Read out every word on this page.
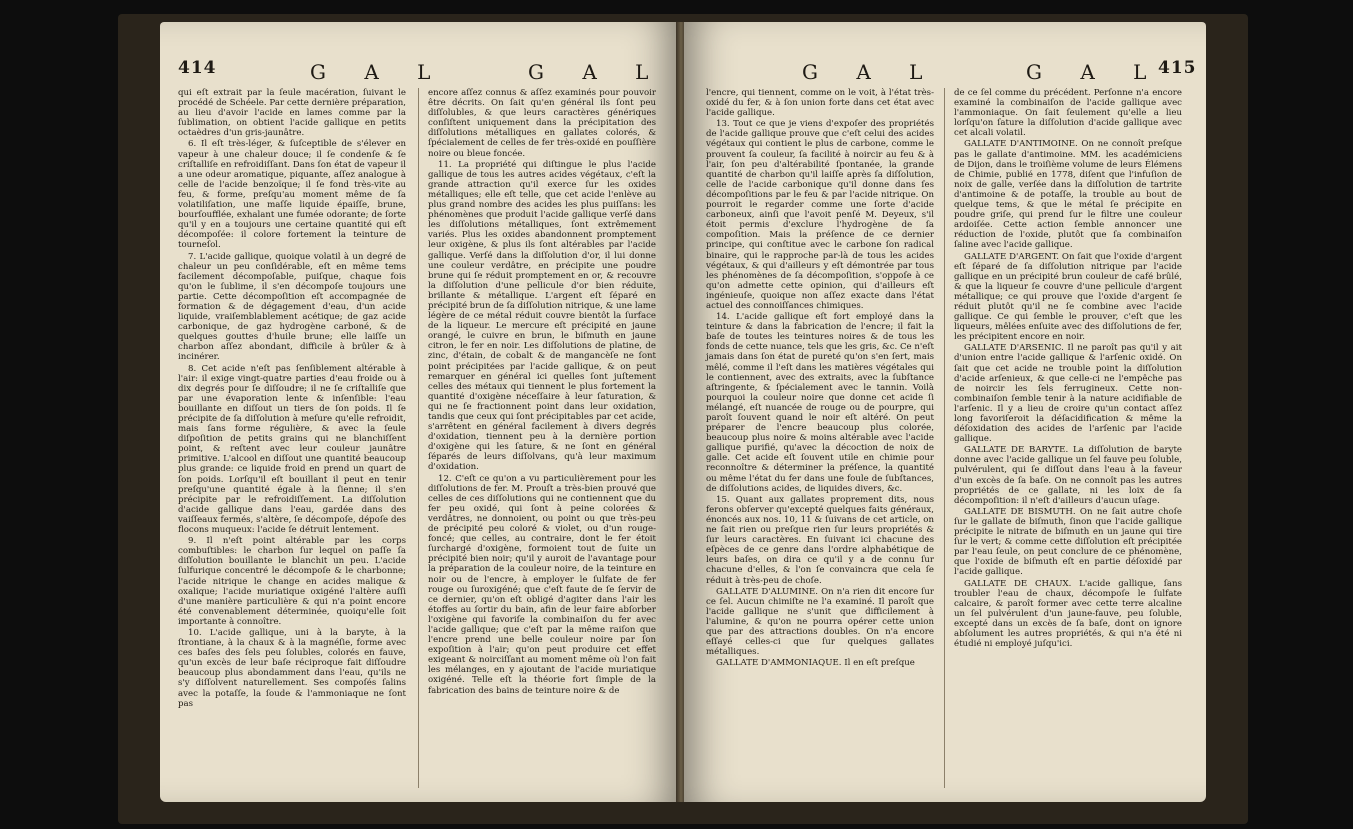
414	G A L	G A L

qui eſt extrait par la ſeule macération, ſuivant le procédé de Schéele. Par cette dernière préparation, au lieu d'avoir l'acide en lames comme par la ſublimation, on obtient l'acide gallique en petits octaèdres d'un gris-jaunâtre.

6. Il eſt très-léger, & ſuſceptible de s'élever en vapeur à une chaleur douce; il ſe condenſe & ſe criſtalliſe en refroidiſſant. Dans ſon état de vapeur il a une odeur aromatique, piquante, aſſez analogue à celle de l'acide benzoïque; il ſe fond très-vite au feu, & forme, preſqu'au moment même de ſa volatiliſation, une maſſe liquide épaiſſe, brune, bourſoufflée, exhalant une fumée odorante; de ſorte qu'il y en a toujours une certaine quantité qui eſt décompoſée: il colore fortement la teinture de tourneſol.

7. L'acide gallique, quoique volatil à un degré de chaleur un peu conſidérable, eſt en même tems facilement décompoſable, puiſque, chaque fois qu'on le ſublime, il s'en décompoſe toujours une partie. Cette décompoſition eſt accompagnée de formation & de dégagement d'eau, d'un acide liquide, vraiſemblablement acétique; de gaz acide carbonique, de gaz hydrogène carboné, & de quelques gouttes d'huile brune; elle laiſſe un charbon aſſez abondant, difficile à brûler & à incinérer.

8. Cet acide n'eſt pas ſenſiblement altérable à l'air: il exige vingt-quatre parties d'eau froide ou à dix degrés pour ſe diſſoudre; il ne ſe criſtalliſe que par une évaporation lente & inſenſible: l'eau bouillante en diſſout un tiers de ſon poids. Il ſe précipite de ſa diſſolution à meſure qu'elle refroidit, mais ſans forme régulière, & avec la ſeule diſpoſition de petits grains qui ne blanchiſſent point, & reſtent avec leur couleur jaunâtre primitive. L'alcool en diſſout une quantité beaucoup plus grande: ce liquide froid en prend un quart de ſon poids. Lorſqu'il eſt bouillant il peut en tenir preſqu'une quantité égale à la ſienne; il s'en précipite par le refroidiſſement. La diſſolution d'acide gallique dans l'eau, gardée dans des vaiſſeaux fermés, s'altère, ſe décompoſe, dépoſe des flocons muqueux: l'acide ſe détruit lentement.

9. Il n'eſt point altérable par les corps combuſtibles: le charbon ſur lequel on paſſe ſa diſſolution bouillante le blanchit un peu. L'acide ſulfurique concentré le décompoſe & le charbonne; l'acide nitrique le change en acides malique & oxalique; l'acide muriatique oxigéné l'altère auſſi d'une manière particulière & qui n'a point encore été convenablement déterminée, quoiqu'elle ſoit importante à connoître.

10. L'acide gallique, uni à la baryte, à la ſtrontiane, à la chaux & à la magnéſie, forme avec ces baſes des ſels peu ſolubles, colorés en fauve, qu'un excès de leur baſe réciproque fait diſſoudre beaucoup plus abondamment dans l'eau, qu'ils ne s'y diſſolvent naturellement. Ses compoſés ſalins avec la potaſſe, la ſoude & l'ammoniaque ne ſont pas

encore aſſez connus & aſſez examinés pour pouvoir être décrits. On ſait qu'en général ils ſont peu diſſolubles, & que leurs caractères génériques conſiſtent uniquement dans la précipitation des diſſolutions métalliques en gallates colorés, & ſpécialement de celles de fer très-oxidé en pouſſière noire ou bleue foncée.

11. La propriété qui diſtingue le plus l'acide gallique de tous les autres acides végétaux, c'eſt la grande attraction qu'il exerce ſur les oxides métalliques; elle eſt telle, que cet acide l'enlève au plus grand nombre des acides les plus puiſſans: les phénomènes que produit l'acide gallique verſé dans les diſſolutions métalliques, ſont extrêmement variés. Plus les oxides abandonnent promptement leur oxigène, & plus ils ſont altérables par l'acide gallique. Verſé dans la diſſolution d'or, il lui donne une couleur verdâtre, en précipite une poudre brune qui ſe réduit promptement en or, & recouvre la diſſolution d'une pellicule d'or bien réduite, brillante & métallique. L'argent eſt ſéparé en précipité brun de ſa diſſolution nitrique, & une lame légère de ce métal réduit couvre bientôt la ſurface de la liqueur. Le mercure eſt précipité en jaune orangé, le cuivre en brun, le biſmuth en jaune citron, le fer en noir. Les diſſolutions de platine, de zinc, d'étain, de cobalt & de mangancèſe ne ſont point précipitées par l'acide gallique, & on peut remarquer en général ici quelles ſont juſtement celles des métaux qui tiennent le plus fortement la quantité d'oxigène néceſſaire à leur ſaturation, & qui ne ſe fractionnent point dans leur oxidation, tandis que ceux qui ſont précipitables par cet acide, s'arrêtent en général facilement à divers degrés d'oxidation, tiennent peu à la dernière portion d'oxigène qui les ſature, & ne ſont en général ſéparés de leurs diſſolvans, qu'à leur maximum d'oxidation.

12. C'eſt ce qu'on a vu particulièrement pour les diſſolutions de fer. M. Prouſt a très-bien prouvé que celles de ces diſſolutions qui ne contiennent que du fer peu oxidé, qui ſont à peine colorées & verdâtres, ne donnoient, ou point ou que très-peu de précipité peu coloré & violet, ou d'un rouge-foncé; que celles, au contraire, dont le fer étoit ſurchargé d'oxigène, formoient tout de ſuite un précipité bien noir; qu'il y auroit de l'avantage pour la préparation de la couleur noire, de la teinture en noir ou de l'encre, à employer le ſulfate de fer rouge ou ſuroxigéné; que c'eſt faute de ſe ſervir de ce dernier, qu'on eſt obligé d'agiter dans l'air les étoffes au ſortir du bain, afin de leur faire abſorber l'oxigène qui favoriſe la combinaiſon du fer avec l'acide gallique; que c'eſt par la même raiſon que l'encre prend une belle couleur noire par ſon expoſition à l'air; qu'on peut produire cet effet exigeant & noirciſſant au moment même où l'on fait les mélanges, en y ajoutant de l'acide muriatique oxigéné. Telle eſt la théorie fort ſimple de la fabrication des bains de teinture noire & de

G A L	G A L
415

l'encre, qui tiennent, comme on le voit, à l'état très-oxidé du fer, & à ſon union forte dans cet état avec l'acide gallique.

13. Tout ce que je viens d'expoſer des propriétés de l'acide gallique prouve que c'eſt celui des acides végétaux qui contient le plus de carbone, comme le prouvent ſa couleur, ſa facilité à noircir au feu & à l'air, ſon peu d'altérabilité ſpontanée, la grande quantité de charbon qu'il laiſſe après ſa diſſolution, celle de l'acide carbonique qu'il donne dans ſes décompoſitions par le feu & par l'acide nitrique. On pourroit le regarder comme une ſorte d'acide carboneux, ainſi que l'avoit penſé M. Deyeux, s'il étoit permis d'exclure l'hydrogène de ſa compoſition. Mais la préſence de ce dernier principe, qui conſtitue avec le carbone ſon radical binaire, qui le rapproche par-là de tous les acides végétaux, & qui d'ailleurs y eſt démontrée par tous les phénomènes de ſa décompoſition, s'oppoſe à ce qu'on admette cette opinion, qui d'ailleurs eſt ingénieuſe, quoique non aſſez exacte dans l'état actuel des connoiſſances chimiques.

14. L'acide gallique eſt fort employé dans la teinture & dans la fabrication de l'encre; il fait la baſe de toutes les teintures noires & de tous les fonds de cette nuance, tels que les gris, &c. Ce n'eſt jamais dans ſon état de pureté qu'on s'en ſert, mais mêlé, comme il l'eſt dans les matières végétales qui le contiennent, avec des extraits, avec la ſubſtance aſtringente, & ſpécialement avec le tannin. Voilà pourquoi la couleur noire que donne cet acide ſi mélangé, eſt nuancée de rouge ou de pourpre, qui paroît ſouvent quand le noir eſt altéré. On peut préparer de l'encre beaucoup plus colorée, beaucoup plus noire & moins altérable avec l'acide gallique purifié, qu'avec la décoction de noix de galle. Cet acide eſt ſouvent utile en chimie pour reconnoître & déterminer la préſence, la quantité ou même l'état du fer dans une foule de ſubſtances, de diſſolutions acides, de liquides divers, &c.

15. Quant aux gallates proprement dits, nous ferons obſerver qu'excepté quelques faits généraux, énoncés aux nos. 10, 11 & ſuivans de cet article, on ne ſait rien ou preſque rien ſur leurs propriétés & ſur leurs caractères. En ſuivant ici chacune des eſpèces de ce genre dans l'ordre alphabétique de leurs baſes, on dira ce qu'il y a de connu ſur chacune d'elles, & l'on ſe convaincra que cela ſe réduit à très-peu de choſe.

GALLATE D'ALUMINE. On n'a rien dit encore ſur ce ſel. Aucun chimiſte ne l'a examiné. Il paroît que l'acide gallique ne s'unit que difficilement à l'alumine, & qu'on ne pourra opérer cette union que par des attractions doubles. On n'a encore eſſayé celles-ci que ſur quelques gallates métalliques.

GALLATE D'AMMONIAQUE. Il en eſt preſque

de ce ſel comme du précédent. Perſonne n'a encore examiné la combinaiſon de l'acide gallique avec l'ammoniaque. On ſait ſeulement qu'elle a lieu lorſqu'on ſature la diſſolution d'acide gallique avec cet alcali volatil.

GALLATE D'ANTIMOINE. On ne connoît preſque pas le gallate d'antimoine. MM. les académiciens de Dijon, dans le troiſième volume de leurs Élémens de Chimie, publié en 1778, diſent que l'infuſion de noix de galle, verſée dans la diſſolution de tartrite d'antimoine & de potaſſe, la trouble au bout de quelque tems, & que le métal ſe précipite en poudre griſe, qui prend ſur le filtre une couleur ardoiſée. Cette action ſemble annoncer une réduction de l'oxide, plutôt que ſa combinaiſon ſaline avec l'acide gallique.

GALLATE D'ARGENT. On ſait que l'oxide d'argent eſt ſéparé de ſa diſſolution nitrique par l'acide gallique en un précipité brun couleur de café brûlé, & que la liqueur ſe couvre d'une pellicule d'argent métallique; ce qui prouve que l'oxide d'argent ſe réduit plutôt qu'il ne ſe combine avec l'acide gallique. Ce qui ſemble le prouver, c'eſt que les liqueurs, mêlées enſuite avec des diſſolutions de fer, les précipitent encore en noir.

GALLATE D'ARSENIC. Il ne paroît pas qu'il y ait d'union entre l'acide gallique & l'arſenic oxidé. On ſait que cet acide ne trouble point la diſſolution d'acide arſenieux, & que celle-ci ne l'empêche pas de noircir les ſels ferrugineux. Cette non-combinaiſon ſemble tenir à la nature acidifiable de l'arſenic. Il y a lieu de croire qu'un contact aſſez long favoriſeroit la déſacidification & même la déſoxidation des acides de l'arſenic par l'acide gallique.

GALLATE DE BARYTE. La diſſolution de baryte donne avec l'acide gallique un ſel fauve peu ſoluble, pulvérulent, qui ſe diſſout dans l'eau à la faveur d'un excès de ſa baſe. On ne connoît pas les autres propriétés de ce gallate, ni les loix de ſa décompoſition: il n'eſt d'ailleurs d'aucun uſage.

GALLATE DE BISMUTH. On ne ſait autre choſe ſur le gallate de biſmuth, ſinon que l'acide gallique précipite le nitrate de biſmuth en un jaune qui tire ſur le vert; & comme cette diſſolution eſt précipitée par l'eau ſeule, on peut conclure de ce phénomène, que l'oxide de biſmuth eſt en partie déſoxidé par l'acide gallique.

GALLATE DE CHAUX. L'acide gallique, ſans troubler l'eau de chaux, décompoſe le ſulfate calcaire, & paroît former avec cette terre alcaline un ſel pulvérulent d'un jaune-fauve, peu ſoluble, excepté dans un excès de ſa baſe, dont on ignore abſolument les autres propriétés, & qui n'a été ni étudié ni employé juſqu'ici.
